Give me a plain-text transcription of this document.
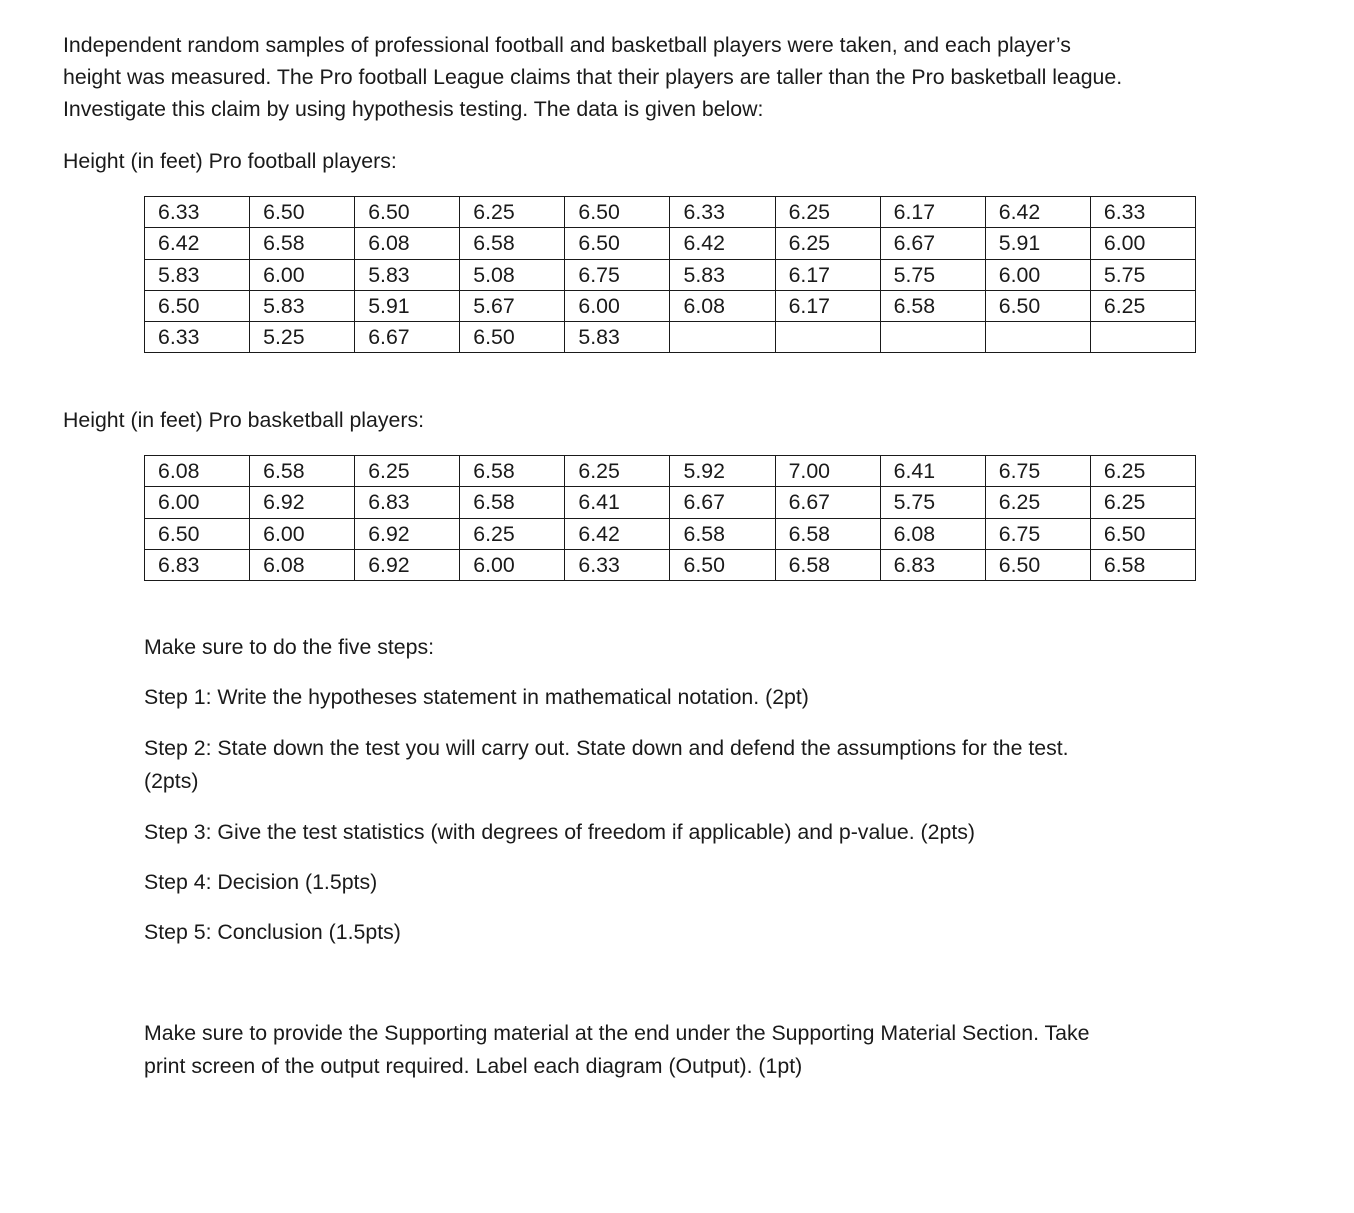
Independent random samples of professional football and basketball players were taken, and each player’s
height was measured. The Pro football League claims that their players are taller than the Pro basketball league.
Investigate this claim by using hypothesis testing. The data is given below:

Height (in feet) Pro football players:

6.33	6.50	6.50	6.25	6.50	6.33	6.25	6.17	6.42	6.33
6.42	6.58	6.08	6.58	6.50	6.42	6.25	6.67	5.91	6.00
5.83	6.00	5.83	5.08	6.75	5.83	6.17	5.75	6.00	5.75
6.50	5.83	5.91	5.67	6.00	6.08	6.17	6.58	6.50	6.25
6.33	5.25	6.67	6.50	5.83					

Height (in feet) Pro basketball players:

6.08	6.58	6.25	6.58	6.25	5.92	7.00	6.41	6.75	6.25
6.00	6.92	6.83	6.58	6.41	6.67	6.67	5.75	6.25	6.25
6.50	6.00	6.92	6.25	6.42	6.58	6.58	6.08	6.75	6.50
6.83	6.08	6.92	6.00	6.33	6.50	6.58	6.83	6.50	6.58

Make sure to do the five steps:

Step 1: Write the hypotheses statement in mathematical notation. (2pt)

Step 2: State down the test you will carry out. State down and defend the assumptions for the test.

(2pts)

Step 3: Give the test statistics (with degrees of freedom if applicable) and p-value. (2pts)

Step 4: Decision (1.5pts)

Step 5: Conclusion (1.5pts)

Make sure to provide the Supporting material at the end under the Supporting Material Section. Take

print screen of the output required. Label each diagram (Output). (1pt)
